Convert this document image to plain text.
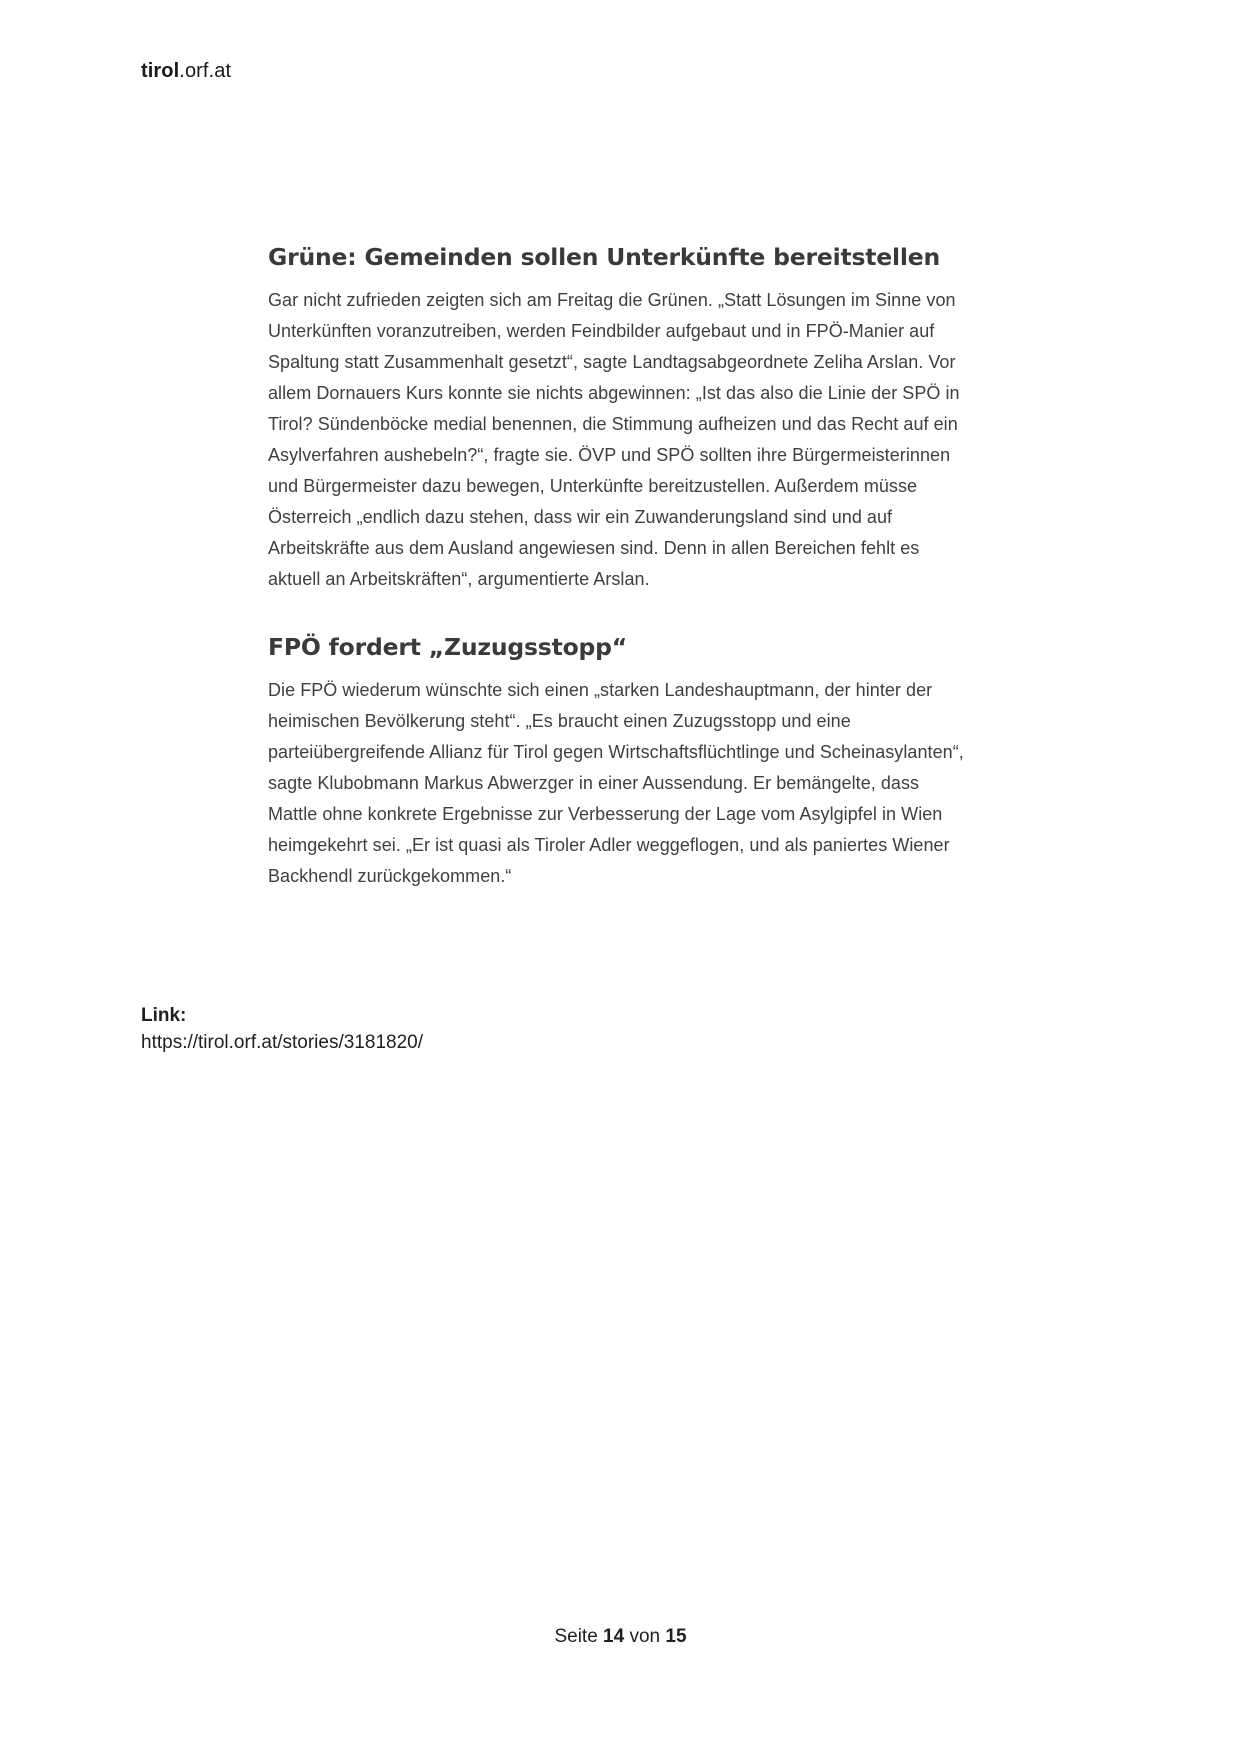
tirol.orf.at
Grüne: Gemeinden sollen Unterkünfte bereitstellen

Gar nicht zufrieden zeigten sich am Freitag die Grünen. „Statt Lösungen im Sinne von Unterkünften voranzutreiben, werden Feindbilder aufgebaut und in FPÖ-Manier auf Spaltung statt Zusammenhalt gesetzt“, sagte Landtagsabgeordnete Zeliha Arslan. Vor allem Dornauers Kurs konnte sie nichts abgewinnen: „Ist das also die Linie der SPÖ in Tirol? Sündenböcke medial benennen, die Stimmung aufheizen und das Recht auf ein Asylverfahren aushebeln?“, fragte sie. ÖVP und SPÖ sollten ihre Bürgermeisterinnen und Bürgermeister dazu bewegen, Unterkünfte bereitzustellen. Außerdem müsse Österreich „endlich dazu stehen, dass wir ein Zuwanderungsland sind und auf Arbeitskräfte aus dem Ausland angewiesen sind. Denn in allen Bereichen fehlt es aktuell an Arbeitskräften“, argumentierte Arslan.

FPÖ fordert „Zuzugsstopp“

Die FPÖ wiederum wünschte sich einen „starken Landeshauptmann, der hinter der heimischen Bevölkerung steht“. „Es braucht einen Zuzugsstopp und eine parteiübergreifende Allianz für Tirol gegen Wirtschaftsflüchtlinge und Scheinasylanten“, sagte Klubobmann Markus Abwerzger in einer Aussendung. Er bemängelte, dass Mattle ohne konkrete Ergebnisse zur Verbesserung der Lage vom Asylgipfel in Wien heimgekehrt sei. „Er ist quasi als Tiroler Adler weggeflogen, und als paniertes Wiener Backhendl zurückgekommen.“

Link:
https://tirol.orf.at/stories/3181820/
Seite 14 von 15
